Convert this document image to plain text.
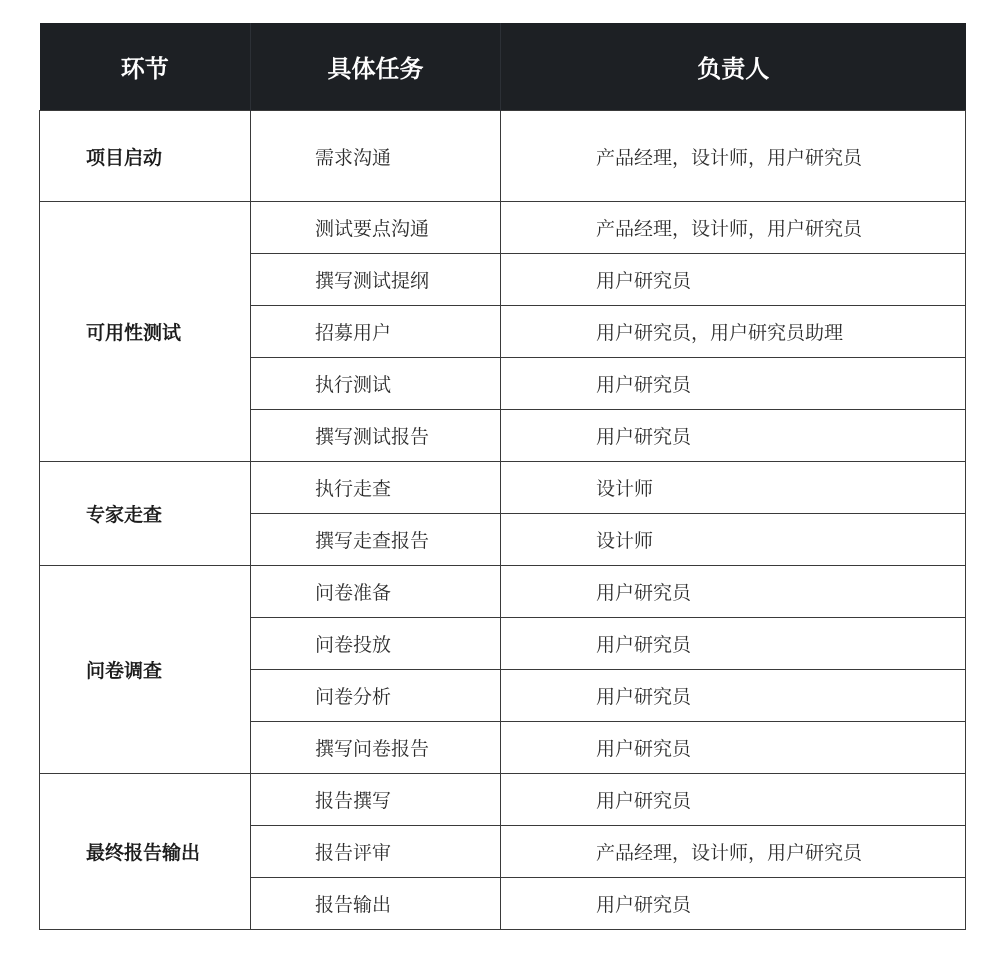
环节	具体任务	负责人
项目启动	需求沟通	产品经理，设计师，用户研究员
可用性测试	测试要点沟通	产品经理，设计师，用户研究员
	撰写测试提纲	用户研究员
	招募用户	用户研究员，用户研究员助理
	执行测试	用户研究员
	撰写测试报告	用户研究员
专家走查	执行走查	设计师
	撰写走查报告	设计师
问卷调查	问卷准备	用户研究员
	问卷投放	用户研究员
	问卷分析	用户研究员
	撰写问卷报告	用户研究员
最终报告输出	报告撰写	用户研究员
	报告评审	产品经理，设计师，用户研究员
	报告输出	用户研究员
